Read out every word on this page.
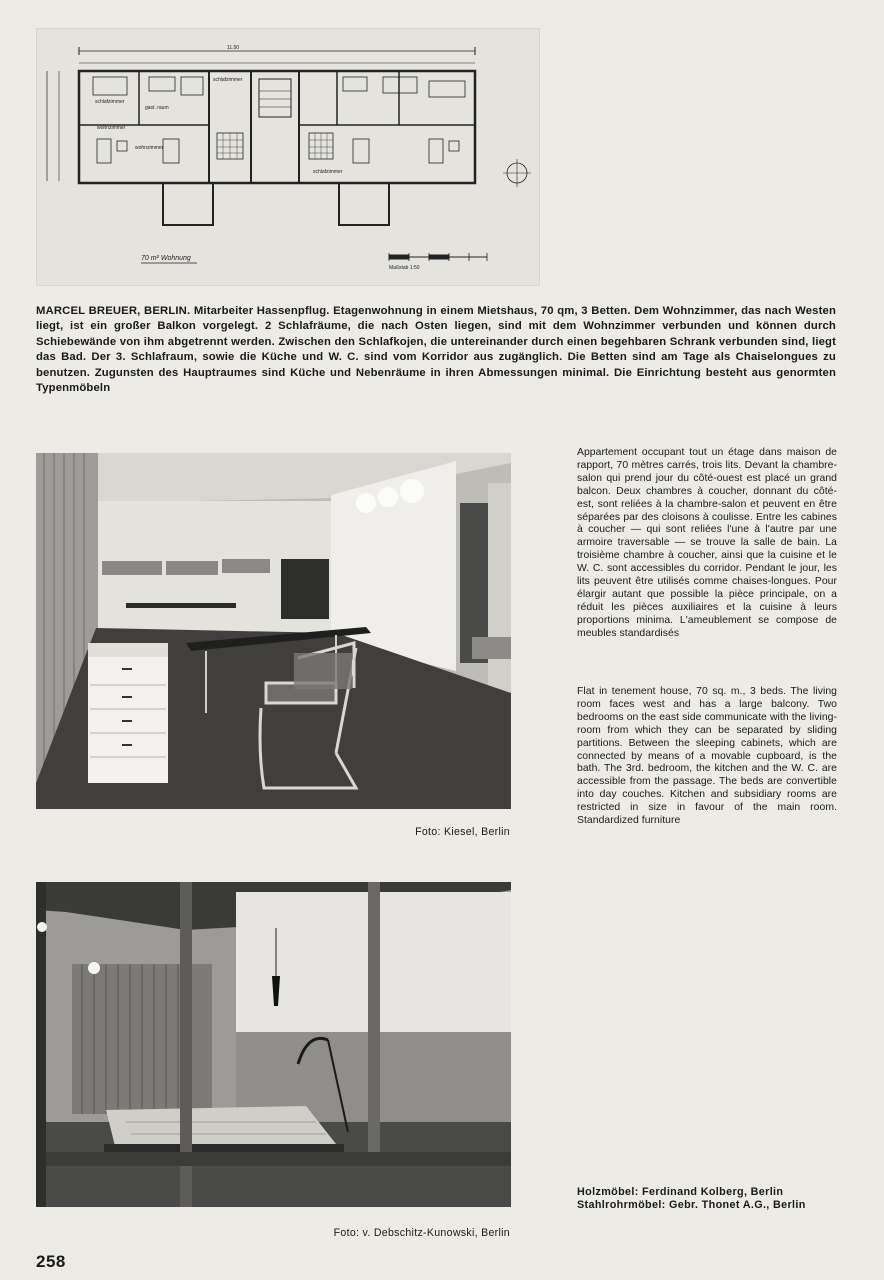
11.50
schlafzimmer
gast. raum
schlafzimmer
wohnzimmer
wohnzimmer
schlafzimmer
Maßstab 1:50
70 m² Wohnung
MARCEL BREUER, BERLIN. Mitarbeiter Hassenpflug. Etagenwohnung in einem Mietshaus, 70 qm, 3 Betten. Dem Wohnzimmer, das nach Westen liegt, ist ein großer Balkon vorgelegt. 2 Schlafräume, die nach Osten liegen, sind mit dem Wohnzimmer verbunden und können durch Schiebewände von ihm abgetrennt werden. Zwischen den Schlafkojen, die untereinander durch einen begehbaren Schrank verbunden sind, liegt das Bad. Der 3. Schlafraum, sowie die Küche und W. C. sind vom Korridor aus zugänglich. Die Betten sind am Tage als Chaiselongues zu benutzen. Zugunsten des Hauptraumes sind Küche und Nebenräume in ihren Abmessungen minimal. Die Einrichtung besteht aus genormten Typenmöbeln
Foto: Kiesel, Berlin
Foto: v. Debschitz-Kunowski, Berlin
Appartement occupant tout un étage dans maison de rapport, 70 mètres carrés, trois lits. Devant la chambre-salon qui prend jour du côté-ouest est placé un grand balcon. Deux chambres à coucher, donnant du côté-est, sont reliées à la chambre-salon et peuvent en être séparées par des cloisons à coulisse. Entre les cabines à coucher — qui sont reliées l'une à l'autre par une armoire traversable — se trouve la salle de bain. La troisième chambre à coucher, ainsi que la cuisine et le W. C. sont accessibles du corridor. Pendant le jour, les lits peuvent être utilisés comme chaises-longues. Pour élargir autant que possible la pièce principale, on a réduit les pièces auxiliaires et la cuisine à leurs proportions minima. L'ameublement se compose de meubles standardisés
Flat in tenement house, 70 sq. m., 3 beds. The living room faces west and has a large balcony. Two bedrooms on the east side communicate with the living-room from which they can be separated by sliding partitions. Between the sleeping cabinets, which are connected by means of a movable cupboard, is the bath. The 3rd. bedroom, the kitchen and the W. C. are accessible from the passage. The beds are convertible into day couches. Kitchen and subsidiary rooms are restricted in size in favour of the main room. Standardized furniture
Holzmöbel: Ferdinand Kolberg, Berlin
Stahlrohrmöbel: Gebr. Thonet A.G., Berlin
258
